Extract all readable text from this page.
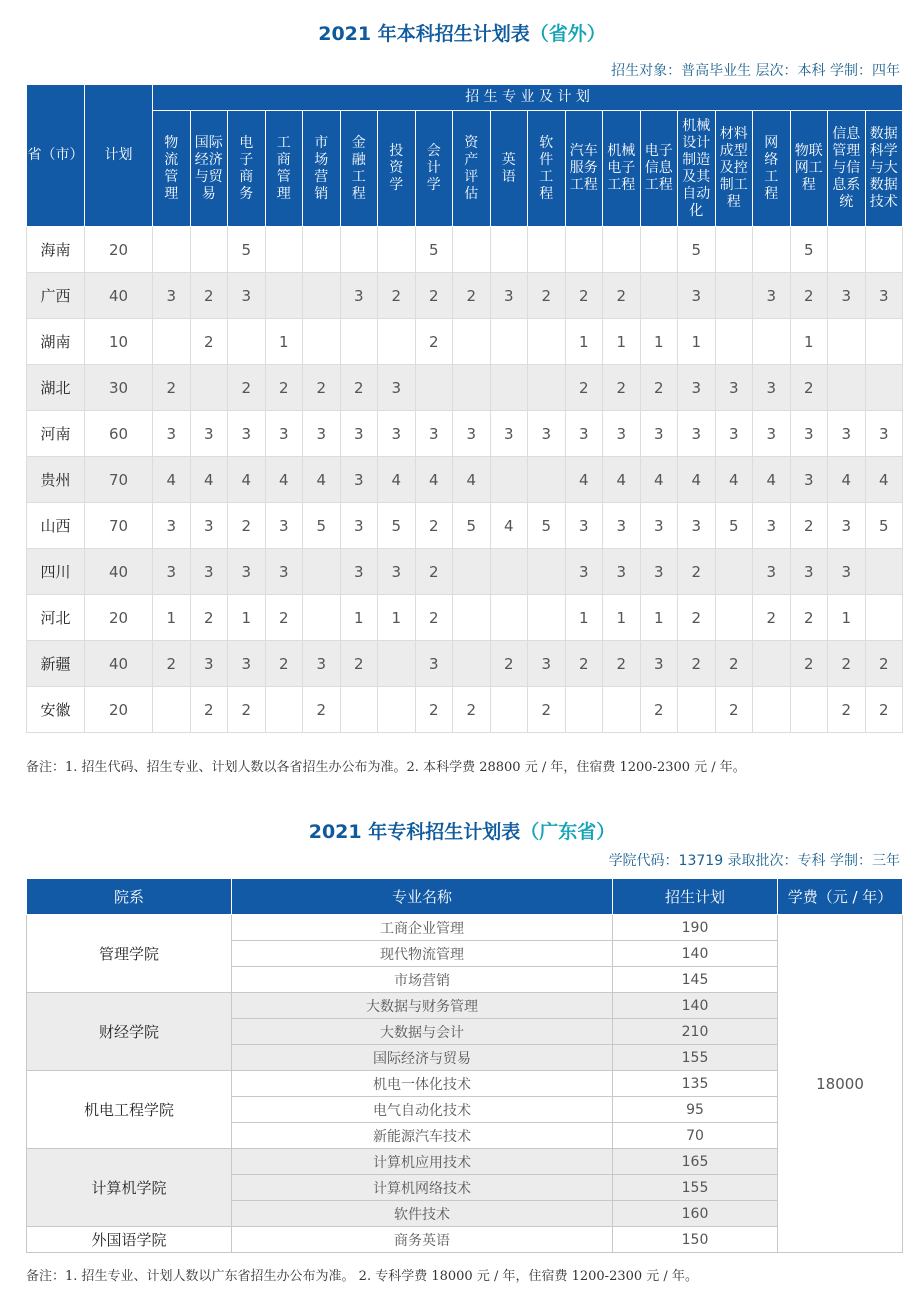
2021 年本科招生计划表（省外）
招生对象：普高毕业生 层次：本科 学制：四年
省（市）	计划	招 生 专 业 及 计 划																			

		物流管理	国际经济与贸易	电子商务	工商管理	市场营销	金融工程	投资学	会计学	资产评估	英语	软件工程	汽车服务工程	机械电子工程	电子信息工程	机械设计制造及其自动化	材料成型及控制工程	网络工程	物联网工程	信息管理与信息系统	数据科学与大数据技术

海南	20			5					5							5			5		
广西	40	3	2	3			3	2	2	2	3	2	2	2		3		3	2	3	3
湖南	10		2		1				2				1	1	1	1			1		
湖北	30	2		2	2	2	2	3					2	2	2	3	3	3	2		
河南	60	3	3	3	3	3	3	3	3	3	3	3	3	3	3	3	3	3	3	3	3
贵州	70	4	4	4	4	4	3	4	4	4			4	4	4	4	4	4	3	4	4
山西	70	3	3	2	3	5	3	5	2	5	4	5	3	3	3	3	5	3	2	3	5
四川	40	3	3	3	3		3	3	2				3	3	3	2		3	3	3	
河北	20	1	2	1	2		1	1	2				1	1	1	2		2	2	1	
新疆	40	2	3	3	2	3	2		3		2	3	2	2	3	2	2		2	2	2
安徽	20		2	2		2			2	2		2			2		2			2	2
备注：1. 招生代码、招生专业、计划人数以各省招生办公布为准。2. 本科学费 28800 元 / 年，住宿费 1200-2300 元 / 年。
2021 年专科招生计划表（广东省）
学院代码：13719 录取批次：专科 学制：三年
院系	专业名称	招生计划	学费（元 / 年）
管理学院	工商企业管理	190	18000
	现代物流管理	140	
	市场营销	145	
财经学院	大数据与财务管理	140	
	大数据与会计	210	
	国际经济与贸易	155	
机电工程学院	机电一体化技术	135	
	电气自动化技术	95	
	新能源汽车技术	70	
计算机学院	计算机应用技术	165	
	计算机网络技术	155	
	软件技术	160	
外国语学院	商务英语	150	
备注：1. 招生专业、计划人数以广东省招生办公布为准。 2. 专科学费 18000 元 / 年，住宿费 1200-2300 元 / 年。
